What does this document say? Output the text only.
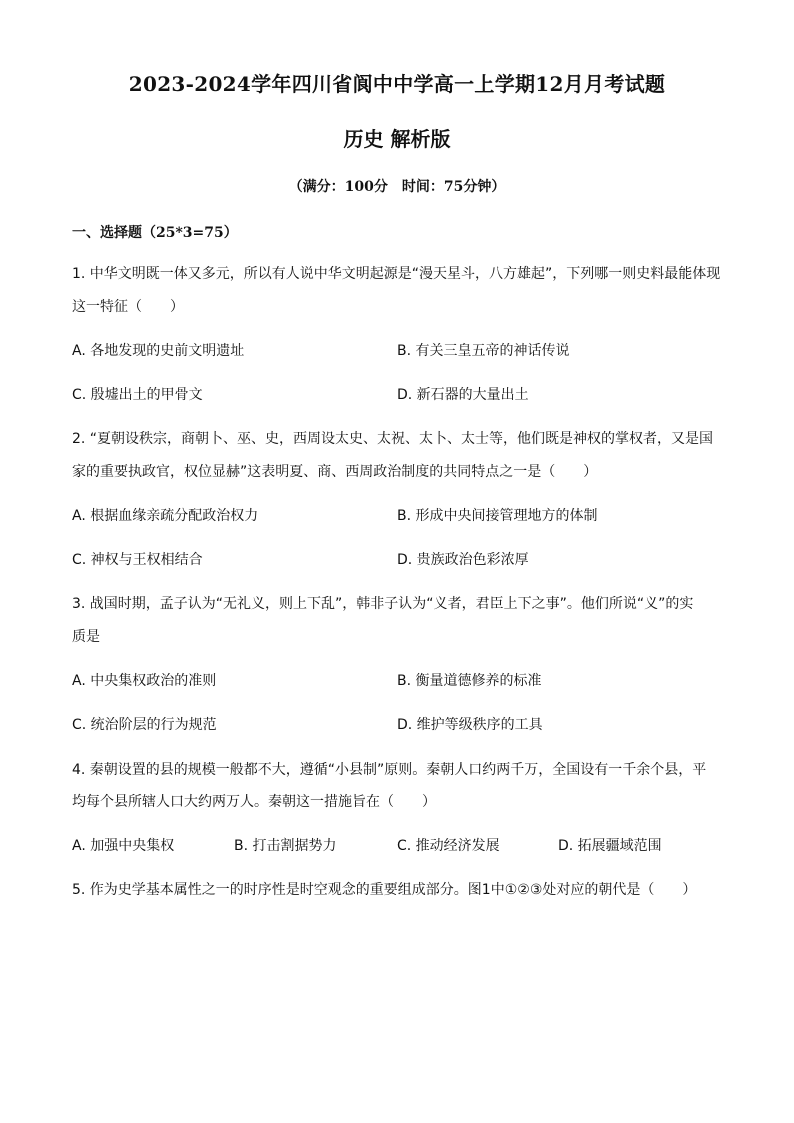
2023-2024学年四川省阆中中学高一上学期12月月考试题
历史 解析版
（满分：100分　时间：75分钟）
一、选择题（25*3=75）
1. 中华文明既一体又多元，所以有人说中华文明起源是“漫天星斗，八方雄起”，下列哪一则史料最能体现
这一特征（　　）
A. 各地发现的史前文明遗址	B. 有关三皇五帝的神话传说
C. 殷墟出土的甲骨文	D. 新石器的大量出土
2. “夏朝设秩宗，商朝卜、巫、史，西周设太史、太祝、太卜、太士等，他们既是神权的掌权者，又是国
家的重要执政官，权位显赫”这表明夏、商、西周政治制度的共同特点之一是（　　）
A. 根据血缘亲疏分配政治权力	B. 形成中央间接管理地方的体制
C. 神权与王权相结合	D. 贵族政治色彩浓厚
3. 战国时期，孟子认为“无礼义，则上下乱”，韩非子认为“义者，君臣上下之事”。他们所说“义”的实
质是
A. 中央集权政治的准则	B. 衡量道德修养的标准
C. 统治阶层的行为规范	D. 维护等级秩序的工具
4. 秦朝设置的县的规模一般都不大，遵循“小县制”原则。秦朝人口约两千万，全国设有一千余个县，平
均每个县所辖人口大约两万人。秦朝这一措施旨在（　　）
A. 加强中央集权	B. 打击割据势力	C. 推动经济发展	D. 拓展疆域范围
5. 作为史学基本属性之一的时序性是时空观念的重要组成部分。图1中①②③处对应的朝代是（　　）
